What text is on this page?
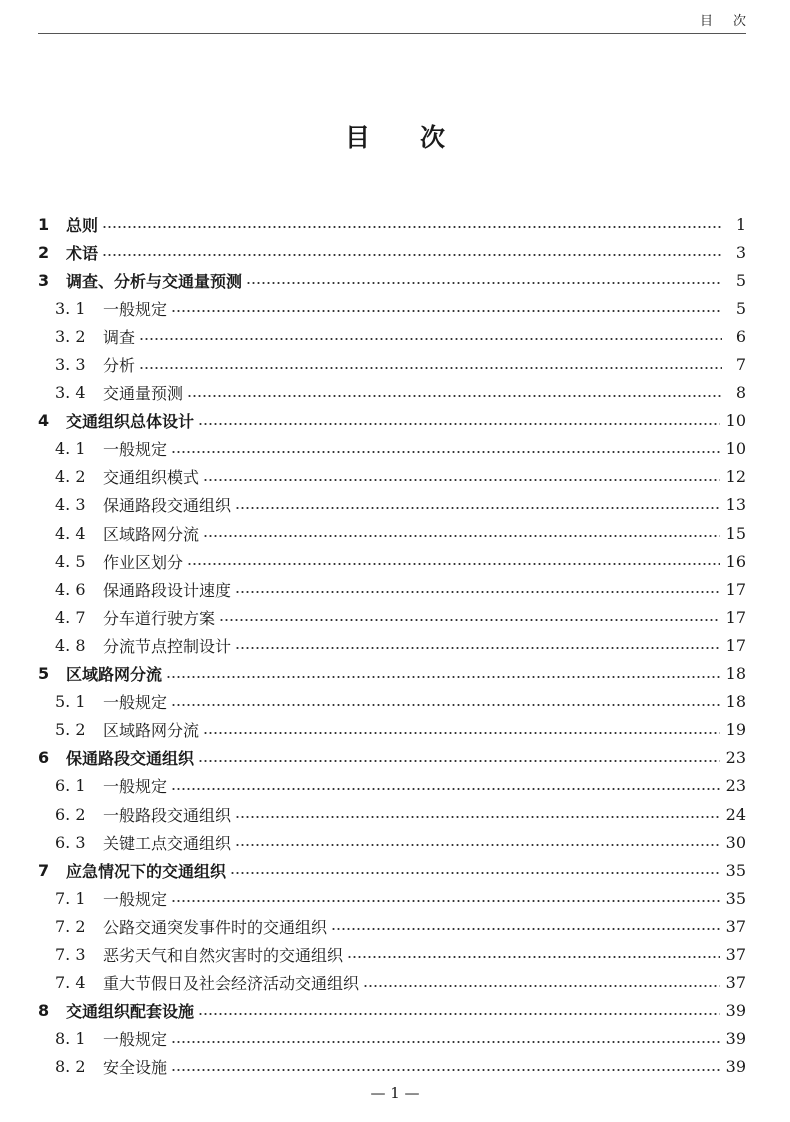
目次
目次
1	总则	1
2	术语	3
3	调查、分析与交通量预测	5
3. 1	一般规定	5
3. 2	调查	6
3. 3	分析	7
3. 4	交通量预测	8
4	交通组织总体设计	10
4. 1	一般规定	10
4. 2	交通组织模式	12
4. 3	保通路段交通组织	13
4. 4	区域路网分流	15
4. 5	作业区划分	16
4. 6	保通路段设计速度	17
4. 7	分车道行驶方案	17
4. 8	分流节点控制设计	17
5	区域路网分流	18
5. 1	一般规定	18
5. 2	区域路网分流	19
6	保通路段交通组织	23
6. 1	一般规定	23
6. 2	一般路段交通组织	24
6. 3	关键工点交通组织	30
7	应急情况下的交通组织	35
7. 1	一般规定	35
7. 2	公路交通突发事件时的交通组织	37
7. 3	恶劣天气和自然灾害时的交通组织	37
7. 4	重大节假日及社会经济活动交通组织	37
8	交通组织配套设施	39
8. 1	一般规定	39
8. 2	安全设施	39
— 1 —
